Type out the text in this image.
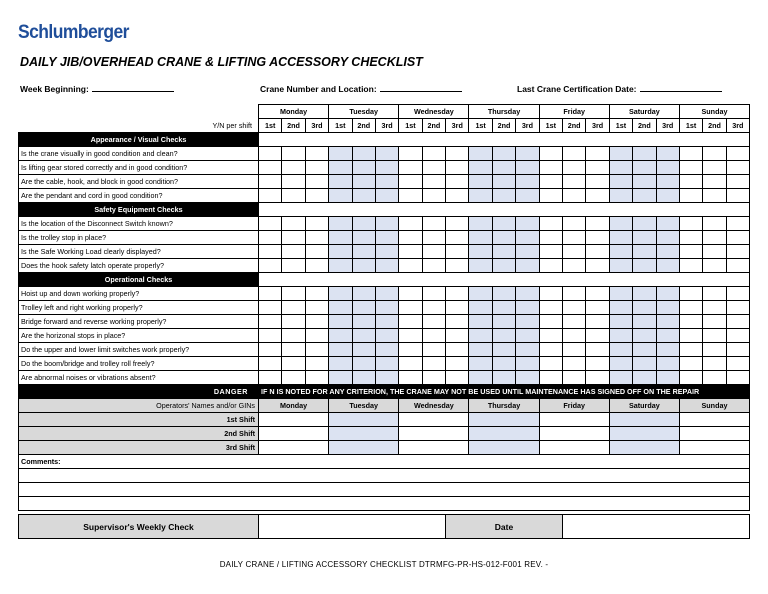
Schlumberger
DAILY JIB/OVERHEAD CRANE & LIFTING ACCESSORY CHECKLIST
Week Beginning:	Crane Number and Location:	Last Crane Certification Date:
	Monday			Tuesday			Wednesday			Thursday			Friday			Saturday			Sunday		
Y/N per shift	1st	2nd	3rd	1st	2nd	3rd	1st	2nd	3rd	1st	2nd	3rd	1st	2nd	3rd	1st	2nd	3rd	1st	2nd	3rd
Appearance / Visual Checks																					
Is the crane visually in good condition and clean?																					
Is lifting gear stored correctly and in good condition?																					
Are the cable, hook, and block in good condition?																					
Are the pendant and cord in good condition?																					
Safety Equipment Checks																					
Is the location of the Disconnect Switch known?																					
Is the trolley stop in place?																					
Is the Safe Working Load clearly displayed?																					
Does the hook safety latch operate properly?																					
Operational Checks																					
Hoist up and down working properly?																					
Trolley left and right working properly?																					
Bridge forward and reverse working properly?																					
Are the horizonal stops in place?																					
Do the upper and lower limit switches work properly?																					
Do the boom/bridge and trolley roll freely?																					
Are abnormal noises or vibrations absent?																					
DANGER	IF N IS NOTED FOR ANY CRITERION, THE CRANE MAY NOT BE USED UNTIL MAINTENANCE HAS SIGNED OFF ON THE REPAIR																				
Operators' Names and/or GINs	Monday			Tuesday			Wednesday			Thursday			Friday			Saturday			Sunday		
1st Shift																					
2nd Shift																					
3rd Shift																					
Comments:																					

Supervisor's Weekly Check		Date	
DAILY CRANE / LIFTING ACCESSORY CHECKLIST DTRMFG-PR-HS-012-F001 REV. -
